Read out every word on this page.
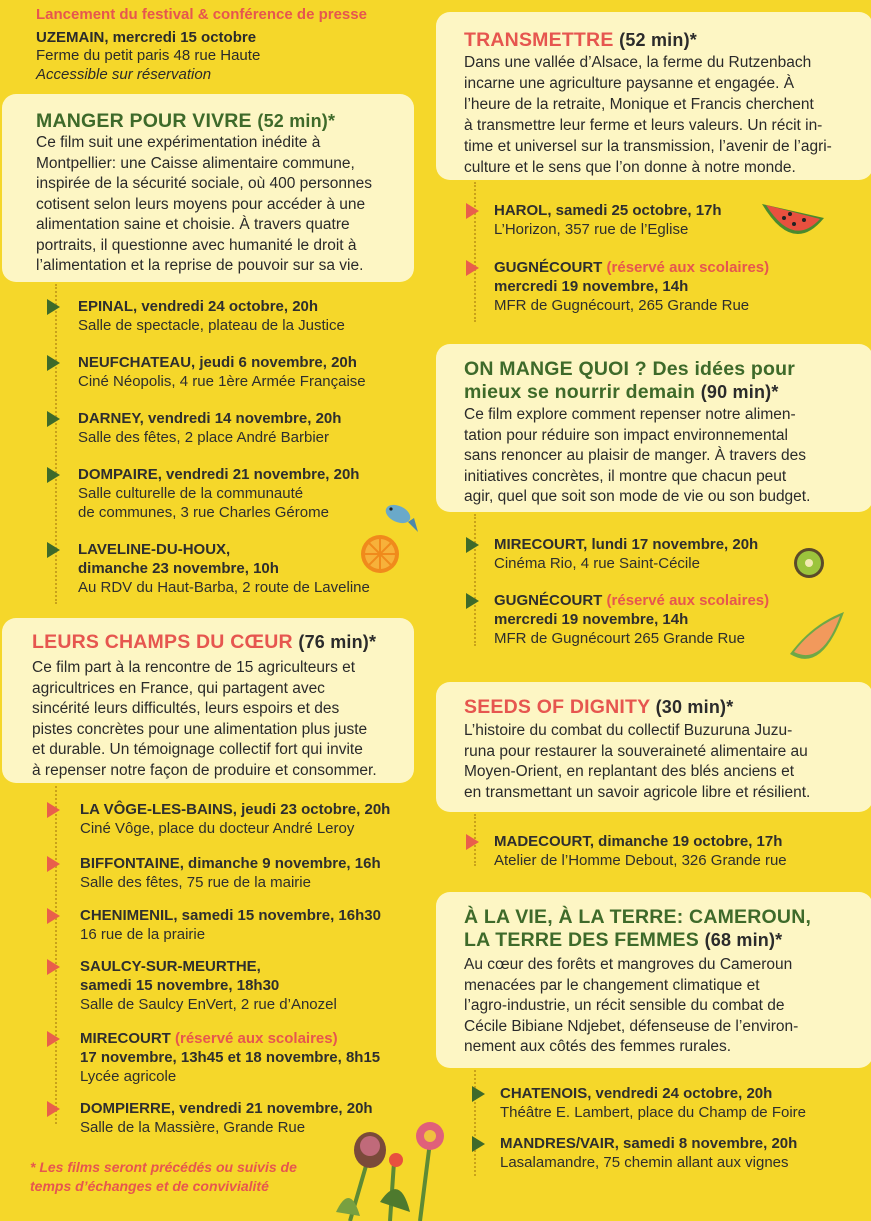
Lancement du festival & conférence de presse
UZEMAIN, mercredi 15 octobre
Ferme du petit paris 48 rue Haute
Accessible sur réservation
MANGER POUR VIVRE (52 min)*

Ce film suit une expérimentation inédite à
Montpellier: une Caisse alimentaire commune,
inspirée de la sécurité sociale, où 400 personnes
cotisent selon leurs moyens pour accéder à une
alimentation saine et choisie. À travers quatre
portraits, il questionne avec humanité le droit à
l’alimentation et la reprise de pouvoir sur sa vie.

LEURS CHAMPS DU CŒUR (76 min)*

Ce film part à la rencontre de 15 agriculteurs et
agricultrices en France, qui partagent avec
sincérité leurs difficultés, leurs espoirs et des
pistes concrètes pour une alimentation plus juste
et durable. Un témoignage collectif fort qui invite
à repenser notre façon de produire et consommer.

TRANSMETTRE (52 min)*

Dans une vallée d’Alsace, la ferme du Rutzenbach
incarne une agriculture paysanne et engagée. À
l’heure de la retraite, Monique et Francis cherchent
à transmettre leur ferme et leurs valeurs. Un récit in-
time et universel sur la transmission, l’avenir de l’agri-
culture et le sens que l’on donne à notre monde.

ON MANGE QUOI ? Des idées pour
mieux se nourrir demain (90 min)*

Ce film explore comment repenser notre alimen-
tation pour réduire son impact environnemental
sans renoncer au plaisir de manger. À travers des
initiatives concrètes, il montre que chacun peut
agir, quel que soit son mode de vie ou son budget.

SEEDS OF DIGNITY (30 min)*

L’histoire du combat du collectif Buzuruna Juzu-
runa pour restaurer la souveraineté alimentaire au
Moyen-Orient, en replantant des blés anciens et
en transmettant un savoir agricole libre et résilient.

À LA VIE, À LA TERRE: CAMEROUN,
LA TERRE DES FEMMES (68 min)*

Au cœur des forêts et mangroves du Cameroun
menacées par le changement climatique et
l’agro-industrie, un récit sensible du combat de
Cécile Bibiane Ndjebet, défenseuse de l’environ-
nement aux côtés des femmes rurales.

EPINAL, vendredi 24 octobre, 20h
Salle de spectacle, plateau de la Justice
NEUFCHATEAU, jeudi 6 novembre, 20h
Ciné Néopolis, 4 rue 1ère Armée Française
DARNEY, vendredi 14 novembre, 20h
Salle des fêtes, 2 place André Barbier
DOMPAIRE, vendredi 21 novembre, 20h
Salle culturelle de la communauté
de communes, 3 rue Charles Gérome
LAVELINE-DU-HOUX,
dimanche 23 novembre, 10h
Au RDV du Haut-Barba, 2 route de Laveline
LA VÔGE-LES-BAINS, jeudi 23 octobre, 20h
Ciné Vôge, place du docteur André Leroy
BIFFONTAINE, dimanche 9 novembre, 16h
Salle des fêtes, 75 rue de la mairie
CHENIMENIL, samedi 15 novembre, 16h30
16 rue de la prairie
SAULCY-SUR-MEURTHE,
samedi 15 novembre, 18h30
Salle de Saulcy EnVert, 2 rue d’Anozel
MIRECOURT (réservé aux scolaires)
17 novembre, 13h45 et 18 novembre, 8h15
Lycée agricole
DOMPIERRE, vendredi 21 novembre, 20h
Salle de la Massière, Grande Rue
HAROL, samedi 25 octobre, 17h
L’Horizon, 357 rue de l’Eglise
GUGNÉCOURT (réservé aux scolaires)
mercredi 19 novembre, 14h
MFR de Gugnécourt, 265 Grande Rue
MIRECOURT, lundi 17 novembre, 20h
Cinéma Rio, 4 rue Saint-Cécile
GUGNÉCOURT (réservé aux scolaires)
mercredi 19 novembre, 14h
MFR de Gugnécourt 265 Grande Rue
MADECOURT, dimanche 19 octobre, 17h
Atelier de l’Homme Debout, 326 Grande rue
CHATENOIS, vendredi 24 octobre, 20h
Théâtre E. Lambert, place du Champ de Foire
MANDRES/VAIR, samedi 8 novembre, 20h
Lasalamandre, 75 chemin allant aux vignes
* Les films seront précédés ou suivis de
temps d’échanges et de convivialité
